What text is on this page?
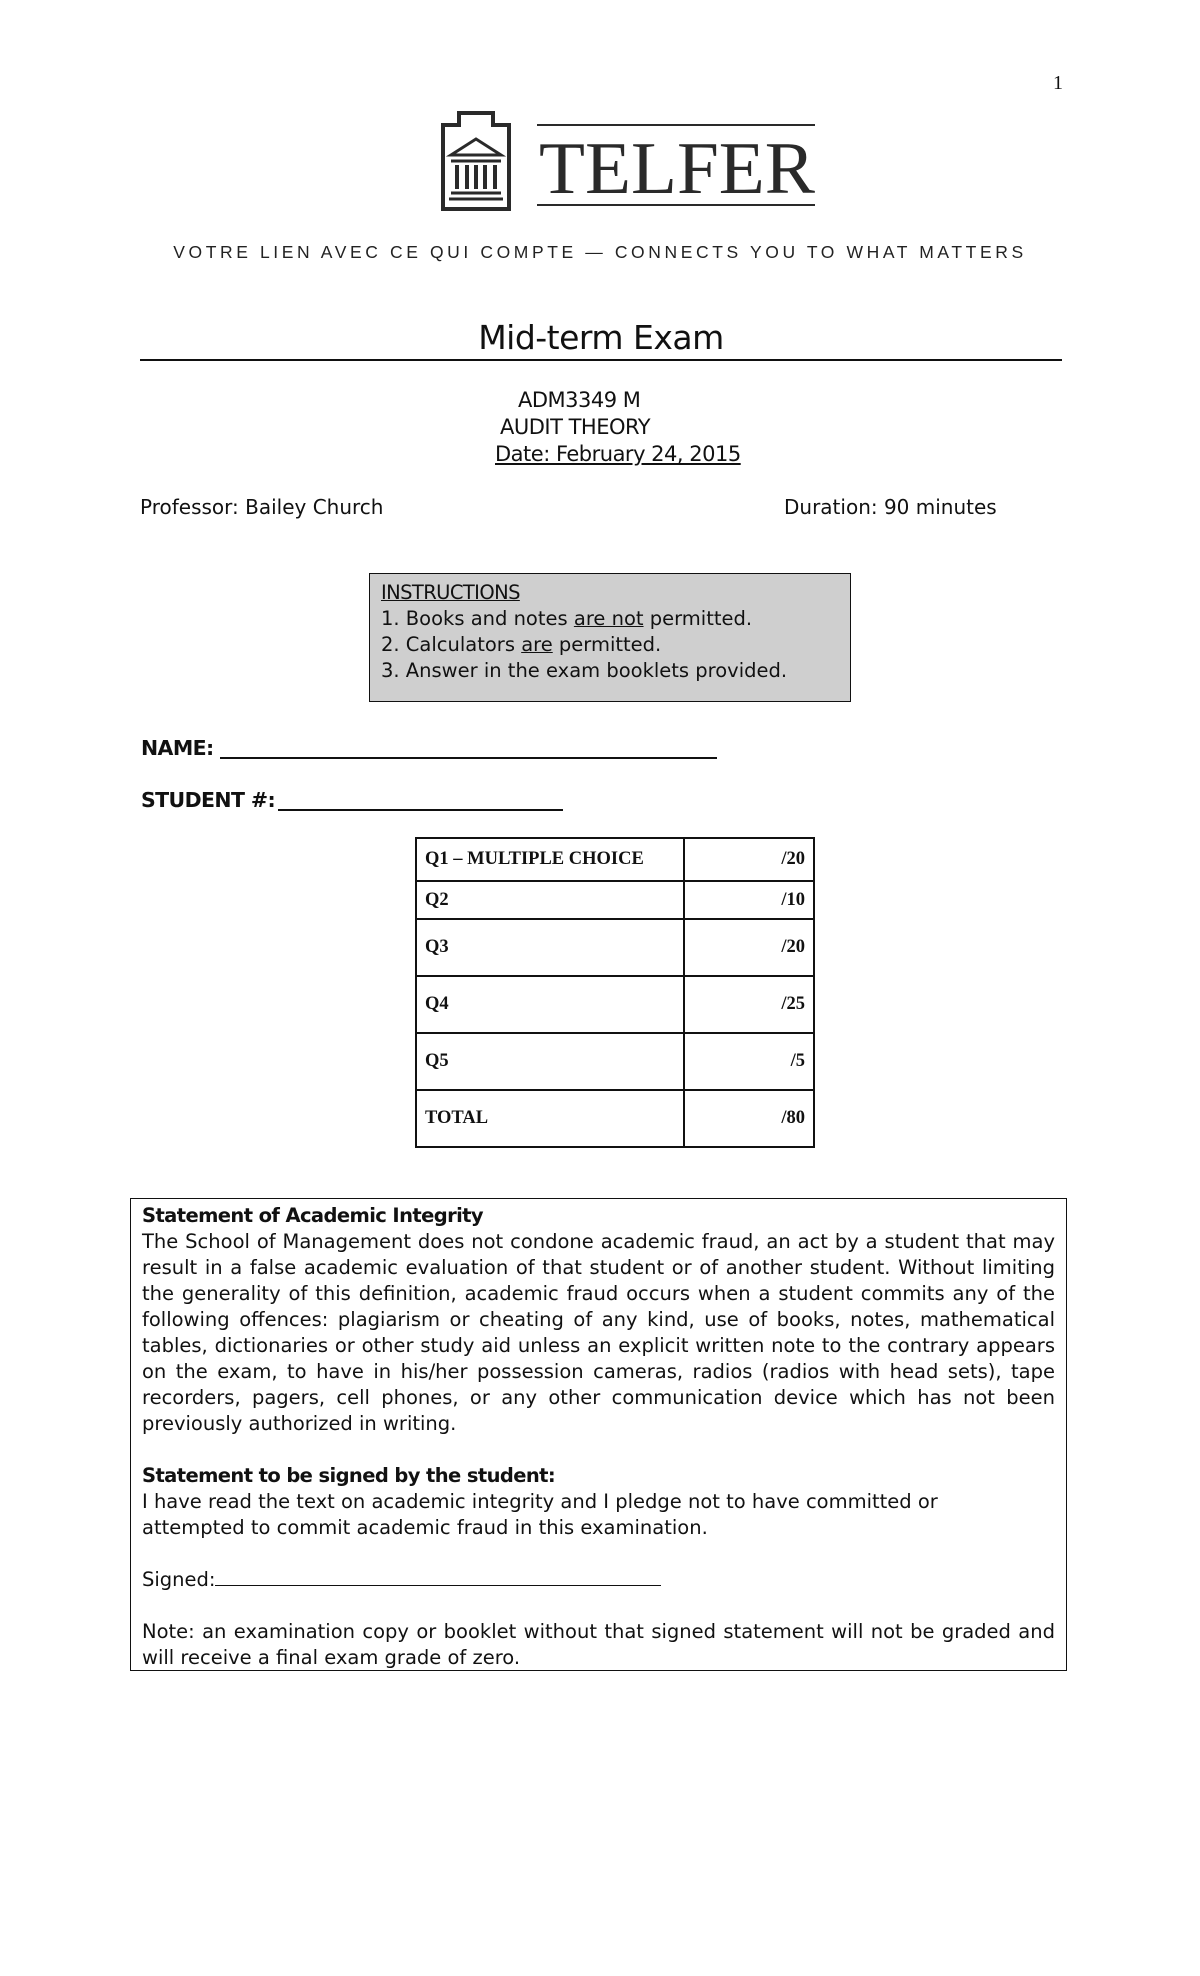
1
TELFER
VOTRE LIEN AVEC CE QUI COMPTE — CONNECTS YOU TO WHAT MATTERS
Mid-term Exam
ADM3349 M
AUDIT THEORY
Date: February 24, 2015
Professor: Bailey Church	Duration: 90 minutes
INSTRUCTIONS
1. Books and notes are not permitted.
2. Calculators are permitted.
3. Answer in the exam booklets provided.
NAME:
STUDENT #:
Q1 – MULTIPLE CHOICE	/20
Q2	/10
Q3	/20
Q4	/25
Q5	/5
TOTAL	/80

Statement of Academic Integrity

The School of Management does not condone academic fraud, an act by a student that may result in a false academic evaluation of that student or of another student. Without limiting the generality of this definition, academic fraud occurs when a student commits any of the following offences: plagiarism or cheating of any kind, use of books, notes, mathematical tables, dictionaries or other study aid unless an explicit written note to the contrary appears on the exam, to have in his/her possession cameras, radios (radios with head sets), tape recorders, pagers, cell phones, or any other communication device which has not been previously authorized in writing.

Statement to be signed by the student:

I have read the text on academic integrity and I pledge not to have committed or attempted to commit academic fraud in this examination.

Signed:

Note: an examination copy or booklet without that signed statement will not be graded and will receive a final exam grade of zero.
